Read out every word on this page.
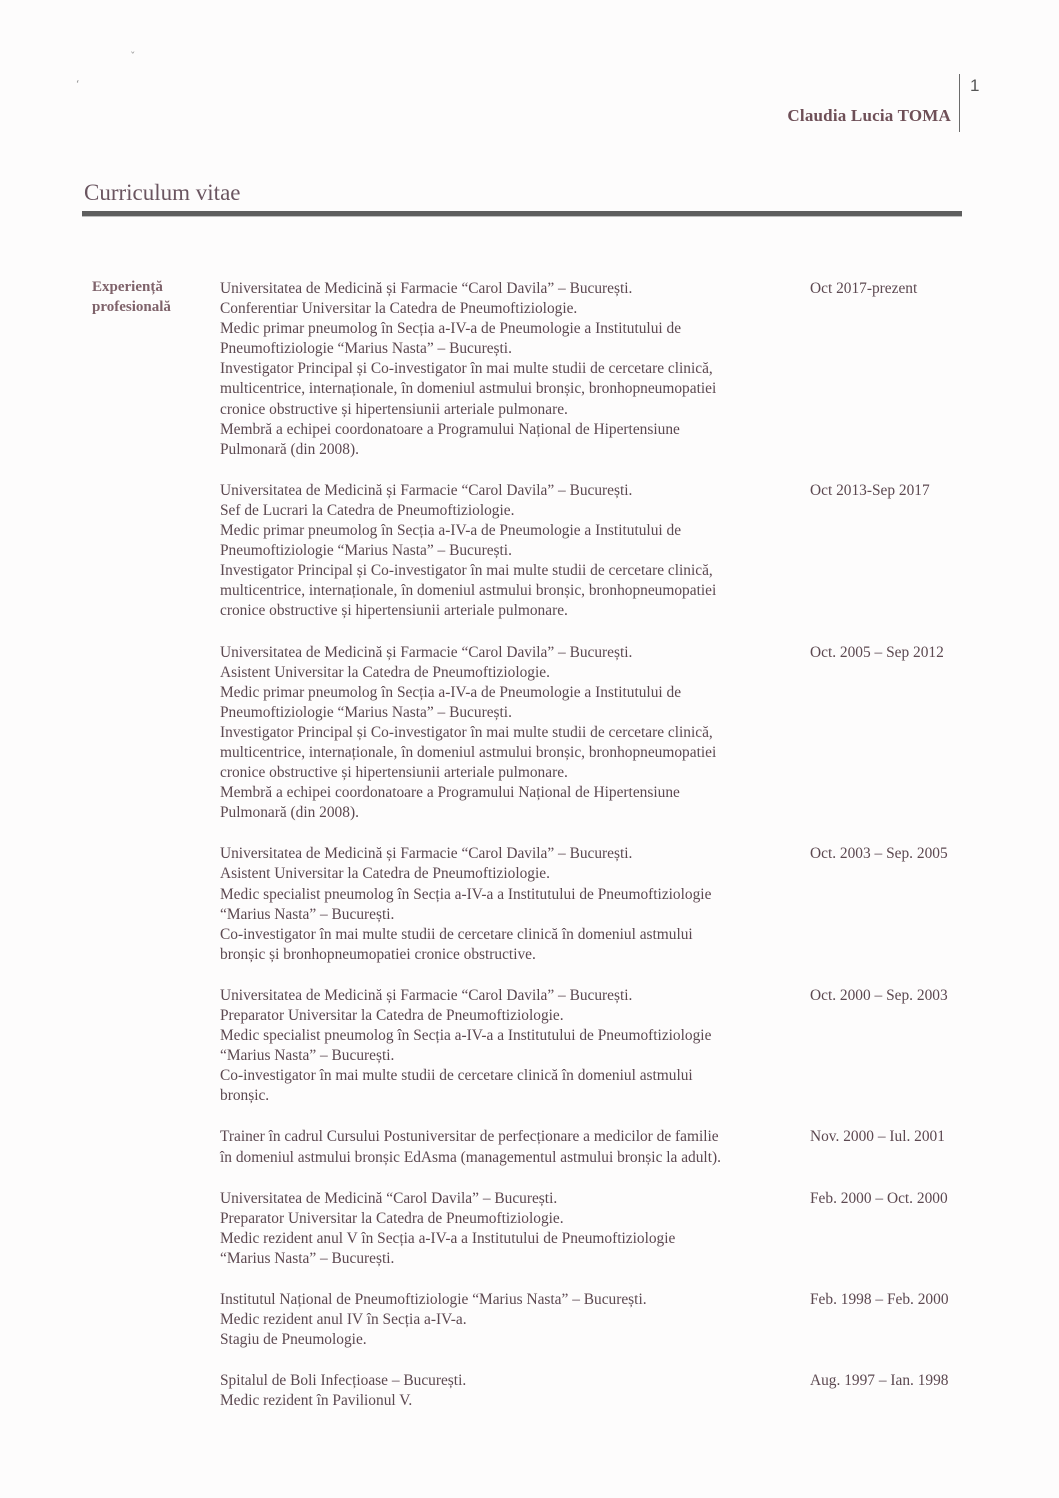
ˇ
‘
Claudia Lucia TOMA
1
Curriculum vitae
Experiență
profesională
Universitatea de Medicină și Farmacie “Carol Davila” – București.
Conferentiar Universitar la Catedra de Pneumoftiziologie.
Medic primar pneumolog în Secția a-IV-a de Pneumologie a Institutului de
Pneumoftiziologie “Marius Nasta” – București.
Investigator Principal și Co-investigator în mai multe studii de cercetare clinică,
multicentrice, internaționale, în domeniul astmului bronșic, bronhopneumopatiei
cronice obstructive și hipertensiunii arteriale pulmonare.
Membră a echipei coordonatoare a Programului Național de Hipertensiune
Pulmonară (din 2008).
Oct 2017-prezent
Universitatea de Medicină și Farmacie “Carol Davila” – București.
Sef de Lucrari la Catedra de Pneumoftiziologie.
Medic primar pneumolog în Secția a-IV-a de Pneumologie a Institutului de
Pneumoftiziologie “Marius Nasta” – București.
Investigator Principal și Co-investigator în mai multe studii de cercetare clinică,
multicentrice, internaționale, în domeniul astmului bronșic, bronhopneumopatiei
cronice obstructive și hipertensiunii arteriale pulmonare.
Oct 2013-Sep 2017
Universitatea de Medicină și Farmacie “Carol Davila” – București.
Asistent Universitar la Catedra de Pneumoftiziologie.
Medic primar pneumolog în Secția a-IV-a de Pneumologie a Institutului de
Pneumoftiziologie “Marius Nasta” – București.
Investigator Principal și Co-investigator în mai multe studii de cercetare clinică,
multicentrice, internaționale, în domeniul astmului bronșic, bronhopneumopatiei
cronice obstructive și hipertensiunii arteriale pulmonare.
Membră a echipei coordonatoare a Programului Național de Hipertensiune
Pulmonară (din 2008).
Oct. 2005 – Sep 2012
Universitatea de Medicină și Farmacie “Carol Davila” – București.
Asistent Universitar la Catedra de Pneumoftiziologie.
Medic specialist pneumolog în Secția a-IV-a a Institutului de Pneumoftiziologie
“Marius Nasta” – București.
Co-investigator în mai multe studii de cercetare clinică în domeniul astmului
bronșic și bronhopneumopatiei cronice obstructive.
Oct. 2003 – Sep. 2005
Universitatea de Medicină și Farmacie “Carol Davila” – București.
Preparator Universitar la Catedra de Pneumoftiziologie.
Medic specialist pneumolog în Secția a-IV-a a Institutului de Pneumoftiziologie
“Marius Nasta” – București.
Co-investigator în mai multe studii de cercetare clinică în domeniul astmului
bronșic.
Oct. 2000 – Sep. 2003
Trainer în cadrul Cursului Postuniversitar de perfecționare a medicilor de familie
în domeniul astmului bronșic EdAsma (managementul astmului bronșic la adult).
Nov. 2000 – Iul. 2001
Universitatea de Medicină “Carol Davila” – București.
Preparator Universitar la Catedra de Pneumoftiziologie.
Medic rezident anul V în Secția a-IV-a a Institutului de Pneumoftiziologie
“Marius Nasta” – București.
Feb. 2000 – Oct. 2000
Institutul Național de Pneumoftiziologie “Marius Nasta” – București.
Medic rezident anul IV în Secția a-IV-a.
Stagiu de Pneumologie.
Feb. 1998 – Feb. 2000
Spitalul de Boli Infecțioase – București.
Medic rezident în Pavilionul V.
Aug. 1997 – Ian. 1998
